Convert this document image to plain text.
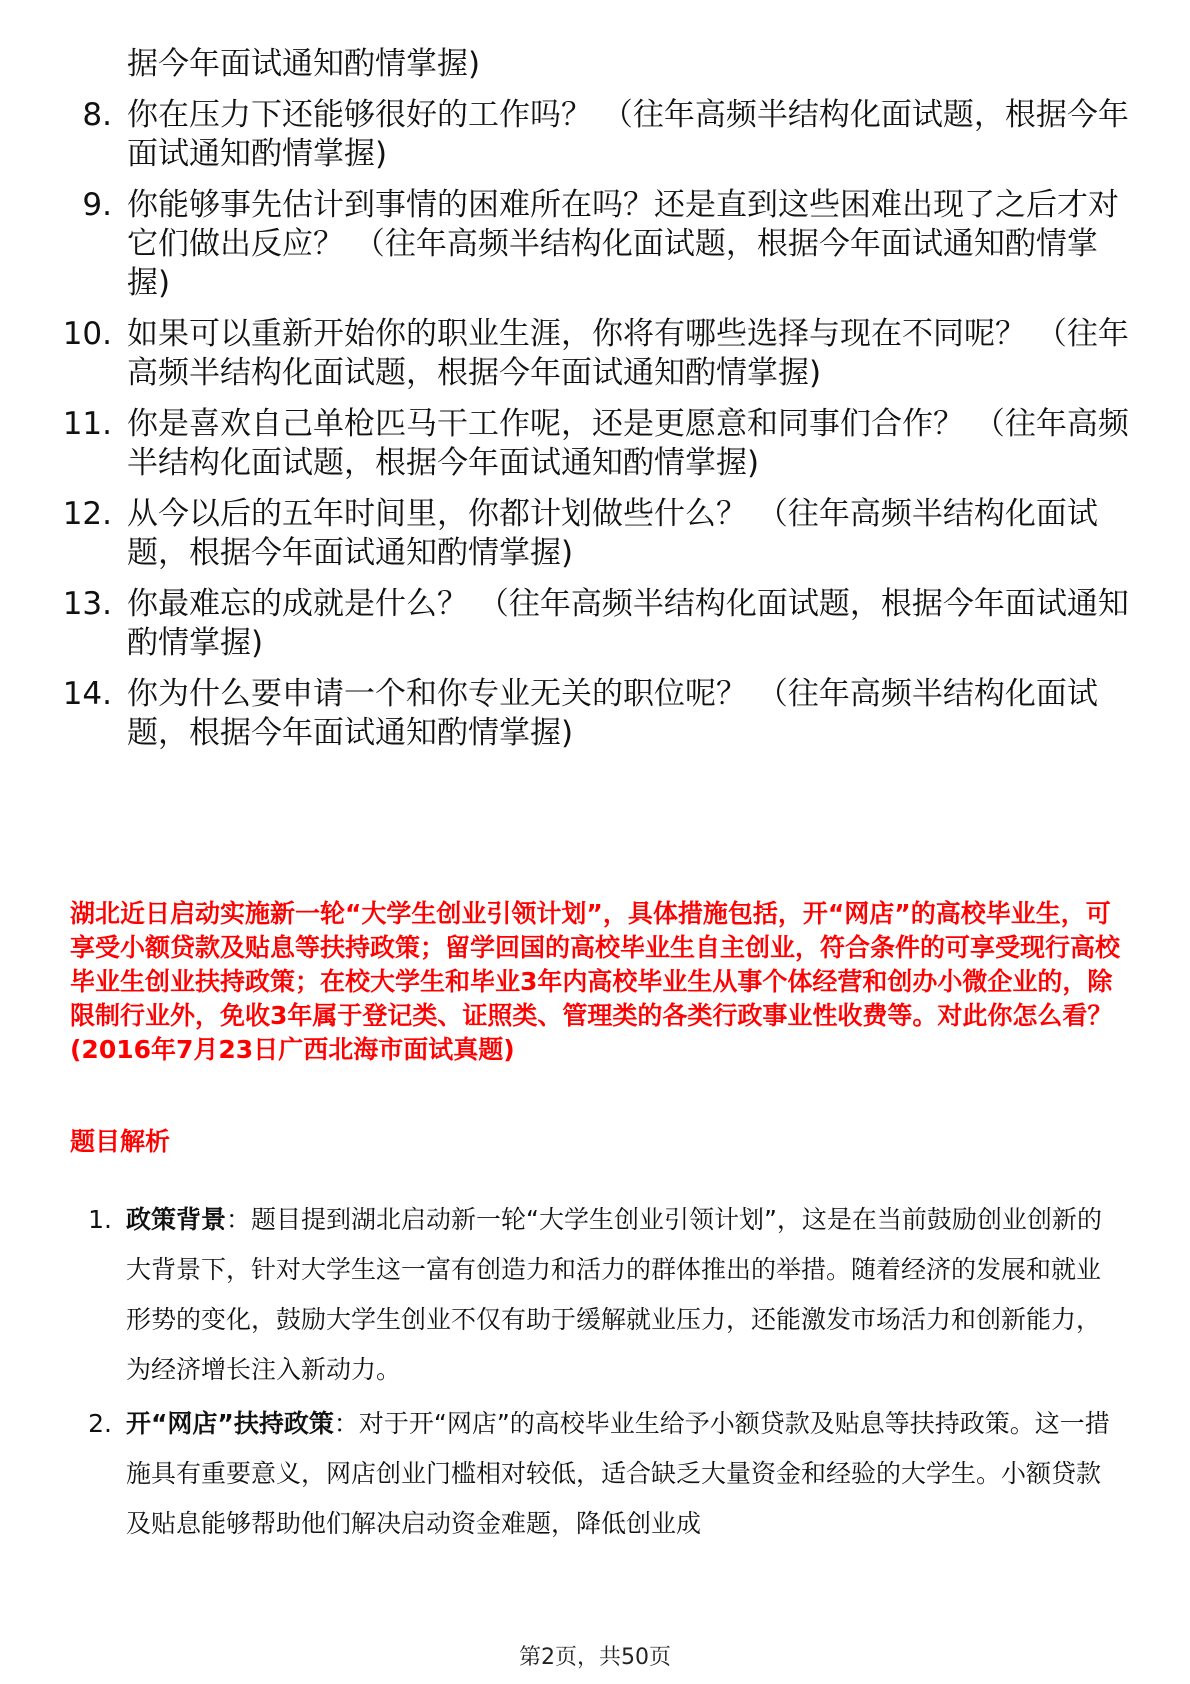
据今年面试通知酌情掌握)
8. 你在压力下还能够很好的工作吗？ （往年高频半结构化面试题，根据今年面试通知酌情掌握)
9. 你能够事先估计到事情的困难所在吗？还是直到这些困难出现了之后才对它们做出反应？ （往年高频半结构化面试题，根据今年面试通知酌情掌握)
10. 如果可以重新开始你的职业生涯，你将有哪些选择与现在不同呢？ （往年高频半结构化面试题，根据今年面试通知酌情掌握)
11. 你是喜欢自己单枪匹马干工作呢，还是更愿意和同事们合作？ （往年高频半结构化面试题，根据今年面试通知酌情掌握)
12. 从今以后的五年时间里，你都计划做些什么？ （往年高频半结构化面试题，根据今年面试通知酌情掌握)
13. 你最难忘的成就是什么？ （往年高频半结构化面试题，根据今年面试通知酌情掌握)
14. 你为什么要申请一个和你专业无关的职位呢？ （往年高频半结构化面试题，根据今年面试通知酌情掌握)
湖北近日启动实施新一轮“大学生创业引领计划”，具体措施包括，开“网店”的高校毕业生，可享受小额贷款及贴息等扶持政策；留学回国的高校毕业生自主创业，符合条件的可享受现行高校毕业生创业扶持政策；在校大学生和毕业3年内高校毕业生从事个体经营和创办小微企业的，除限制行业外，免收3年属于登记类、证照类、管理类的各类行政事业性收费等。对此你怎么看？(2016年7月23日广西北海市面试真题)
题目解析
1. 政策背景：题目提到湖北启动新一轮“大学生创业引领计划”，这是在当前鼓励创业创新的大背景下，针对大学生这一富有创造力和活力的群体推出的举措。随着经济的发展和就业形势的变化，鼓励大学生创业不仅有助于缓解就业压力，还能激发市场活力和创新能力，为经济增长注入新动力。
2. 开“网店”扶持政策：对于开“网店”的高校毕业生给予小额贷款及贴息等扶持政策。这一措施具有重要意义，网店创业门槛相对较低，适合缺乏大量资金和经验的大学生。小额贷款及贴息能够帮助他们解决启动资金难题，降低创业成
第2页，共50页
